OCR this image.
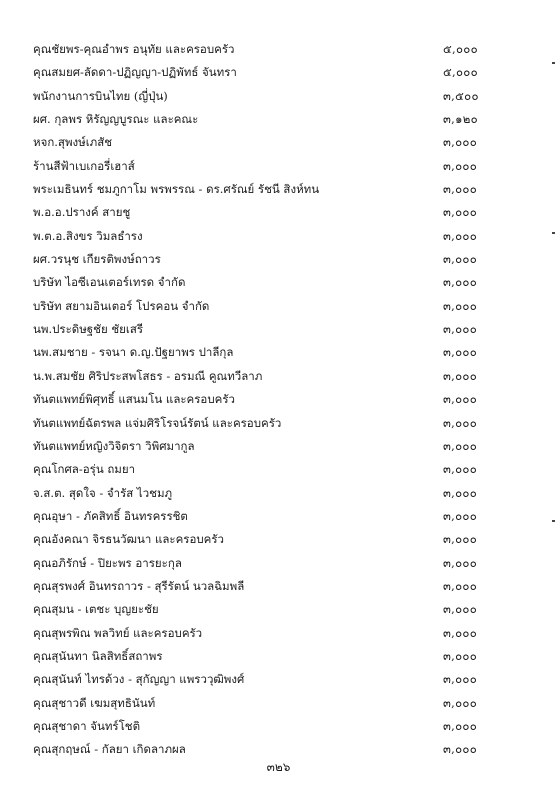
คุณชัยพร-คุณอำพร อนุทัย และครอบครัว	๕,๐๐๐
คุณสมยศ-ลัดดา-ปฏิญญา-ปฏิพัทธ์ จันทรา	๕,๐๐๐
พนักงานการบินไทย (ญี่ปุ่น)	๓,๕๐๐
ผศ. กุลพร หิรัญญบูรณะ และคณะ	๓,๑๒๐
หจก.สุพงษ์เภสัช	๓,๐๐๐
ร้านสีฟ้าเบเกอรี่เฮาส์	๓,๐๐๐
พระเมธินทร์ ชมภูกาโม พรพรรณ - ดร.ศรัณย์ รัชนี สิงห์ทน	๓,๐๐๐
พ.อ.อ.ปรางค์ สายชู	๓,๐๐๐
พ.ต.อ.สิงขร วิมลธำรง	๓,๐๐๐
ผศ.วรนุช เกียรติพงษ์ถาวร	๓,๐๐๐
บริษัท ไอซีเอนเตอร์เทรด จำกัด	๓,๐๐๐
บริษัท สยามอินเตอร์ โปรคอน จำกัด	๓,๐๐๐
นพ.ประดิษฐชัย ชัยเสรี	๓,๐๐๐
นพ.สมชาย - รจนา ด.ญ.ปัฐยาพร ปาลีกุล	๓,๐๐๐
น.พ.สมชัย ศิริประสพโสธร - อรมณี คูณทวีลาภ	๓,๐๐๐
ทันตแพทย์พิศุทธิ์ แสนมโน และครอบครัว	๓,๐๐๐
ทันตแพทย์ฉัตรพล แจ่มศิริโรจน์รัตน์ และครอบครัว	๓,๐๐๐
ทันตแพทย์หญิงวิจิตรา วิพิศมากูล	๓,๐๐๐
คุณโกศล-อรุ่น ถมยา	๓,๐๐๐
จ.ส.ต. สุดใจ - จำรัส ไวชมภู	๓,๐๐๐
คุณอุษา - ภัคสิทธิ์ อินทรครรชิต	๓,๐๐๐
คุณอังคณา จิรธนวัฒนา และครอบครัว	๓,๐๐๐
คุณอภิรักษ์ - ปิยะพร อารยะกุล	๓,๐๐๐
คุณสุรพงศ์ อินทรถาวร - สุรีรัตน์ นวลฉิมพลี	๓,๐๐๐
คุณสุมน - เตชะ บุญยะชัย	๓,๐๐๐
คุณสุพรพิณ พลวิทย์ และครอบครัว	๓,๐๐๐
คุณสุนันทา นิลสิทธิ์สถาพร	๓,๐๐๐
คุณสุนันท์ ไทรด้วง - สุกัญญา แพรววุฒิพงศ์	๓,๐๐๐
คุณสุชาวดี เฆมสุทธินันท์	๓,๐๐๐
คุณสุชาดา จันทร์โชติ	๓,๐๐๐
คุณสุกฤษณ์ - กัลยา เกิดลาภผล	๓,๐๐๐
๓๒๖
